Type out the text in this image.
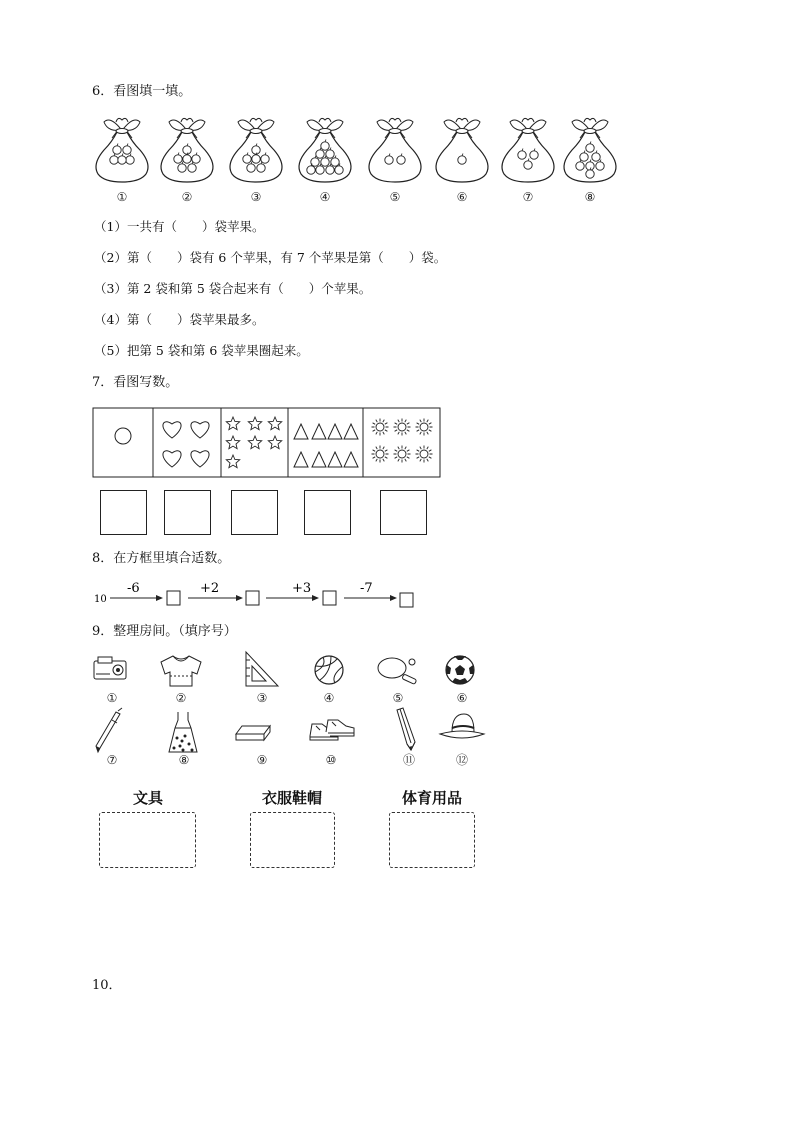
6．看图填一填。
①	②	③	④	⑤	⑥	⑦	⑧
（1）一共有（　　）袋苹果。
（2）第（　　）袋有 6 个苹果，有 7 个苹果是第（　　）袋。
（3）第 2 袋和第 5 袋合起来有（　　）个苹果。
（4）第（　　）袋苹果最多。
（5）把第 5 袋和第 6 袋苹果圈起来。
7．看图写数。
8．在方框里填合适数。
10
-6	+2	+3	-7
9．整理房间。（填序号）
①	②	③	④	⑤	⑥
⑦	⑧	⑨	⑩	⑪	⑫
文具	衣服鞋帽	体育用品
10．
